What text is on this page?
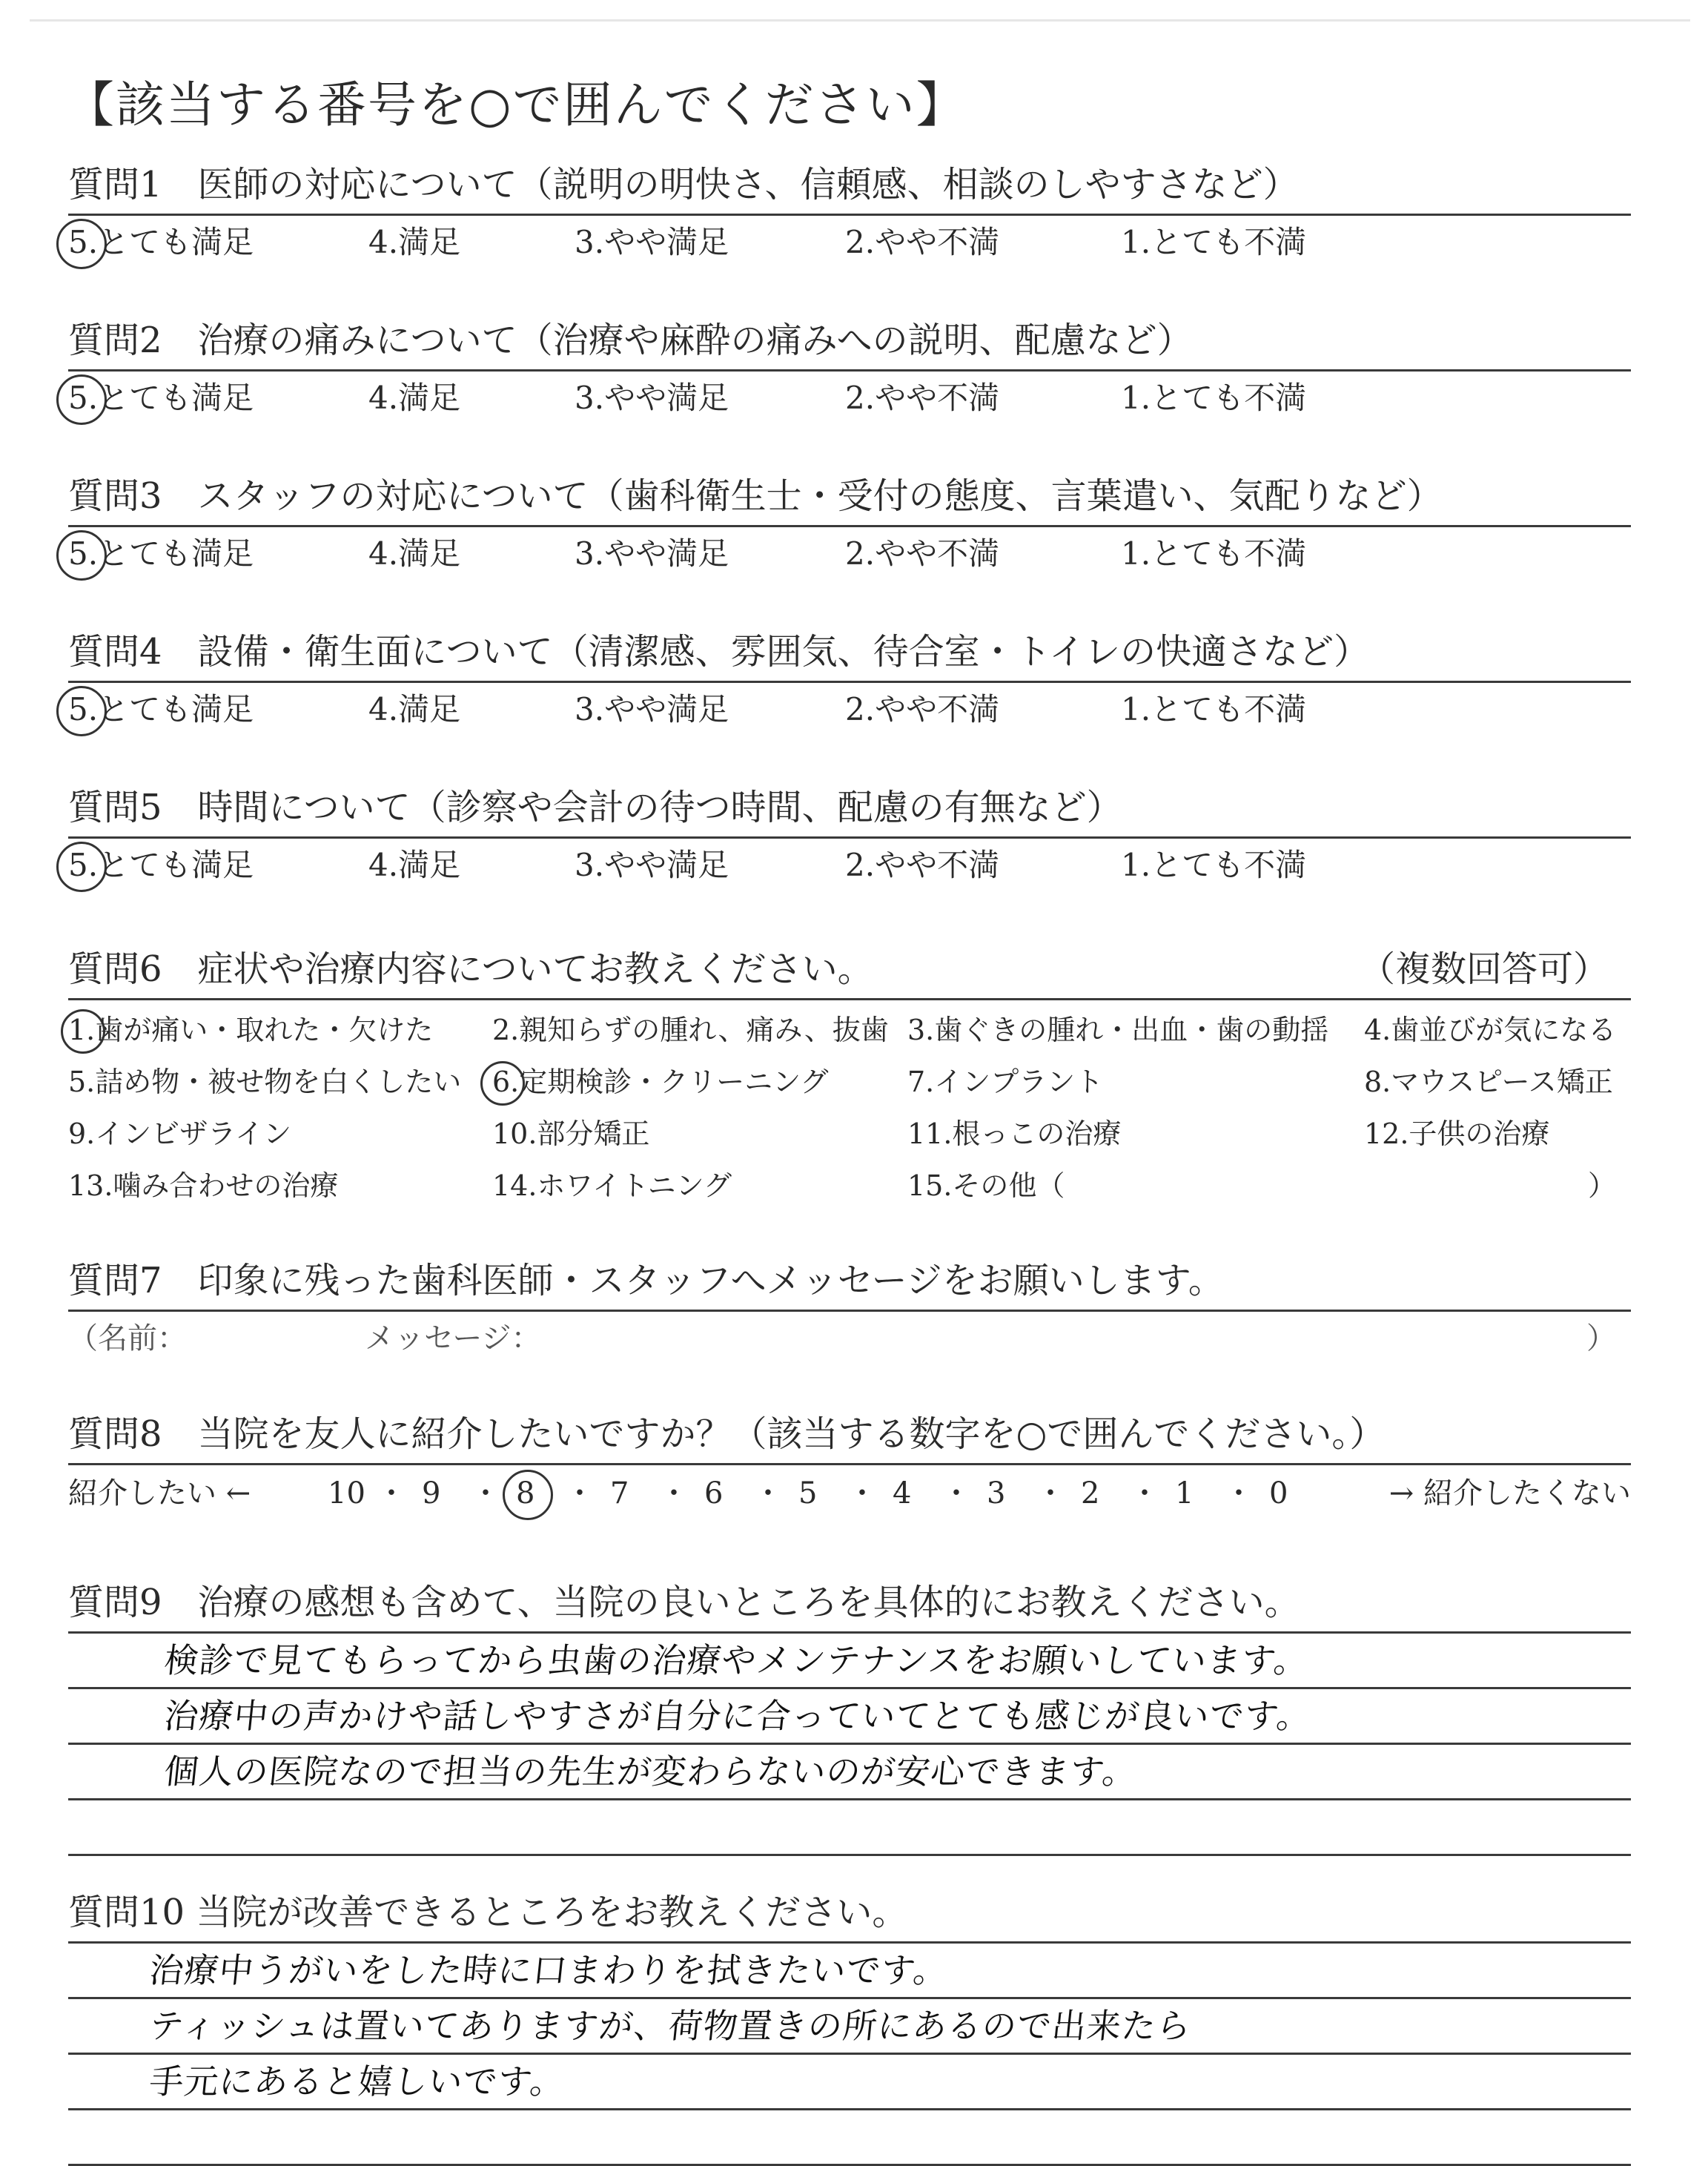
【該当する番号を○で囲んでください】
質問1　医師の対応について（説明の明快さ、信頼感、相談のしやすさなど）
5.とても満足	4.満足	3.やや満足	2.やや不満	1.とても不満
質問2　治療の痛みについて（治療や麻酔の痛みへの説明、配慮など）
5.とても満足	4.満足	3.やや満足	2.やや不満	1.とても不満
質問3　スタッフの対応について（歯科衛生士・受付の態度、言葉遣い、気配りなど）
5.とても満足	4.満足	3.やや満足	2.やや不満	1.とても不満
質問4　設備・衛生面について（清潔感、雰囲気、待合室・トイレの快適さなど）
5.とても満足	4.満足	3.やや満足	2.やや不満	1.とても不満
質問5　時間について（診察や会計の待つ時間、配慮の有無など）
5.とても満足	4.満足	3.やや満足	2.やや不満	1.とても不満
質問6　症状や治療内容についてお教えください。	（複数回答可）
1.歯が痛い・取れた・欠けた 2.親知らずの腫れ、痛み、抜歯 3.歯ぐきの腫れ・出血・歯の動揺 4.歯並びが気になる
5.詰め物・被せ物を白くしたい 6.定期検診・クリーニング	7.インプラント	8.マウスピース矯正
9.インビザライン	10.部分矯正	11.根っこの治療	12.子供の治療
13.噛み合わせの治療	14.ホワイトニング	15.その他（	）
質問7　印象に残った歯科医師・スタッフへメッセージをお願いします。
（名前：	メッセージ：	）
質問8　当院を友人に紹介したいですか？（該当する数字を○で囲んでください。）
紹介したい ←	→ 紹介したくない
10 ・ 9 ・ 8 ・ 7 ・ 6 ・ 5 ・ 4 ・ 3 ・ 2 ・ 1 ・ 0
質問9　治療の感想も含めて、当院の良いところを具体的にお教えください。
検診で見てもらってから虫歯の治療やメンテナンスをお願いしています。
治療中の声かけや話しやすさが自分に合っていてとても感じが良いです。
個人の医院なので担当の先生が変わらないのが安心できます。
質問10 当院が改善できるところをお教えください。
治療中うがいをした時に口まわりを拭きたいです。
ティッシュは置いてありますが、荷物置きの所にあるので出来たら
手元にあると嬉しいです。
